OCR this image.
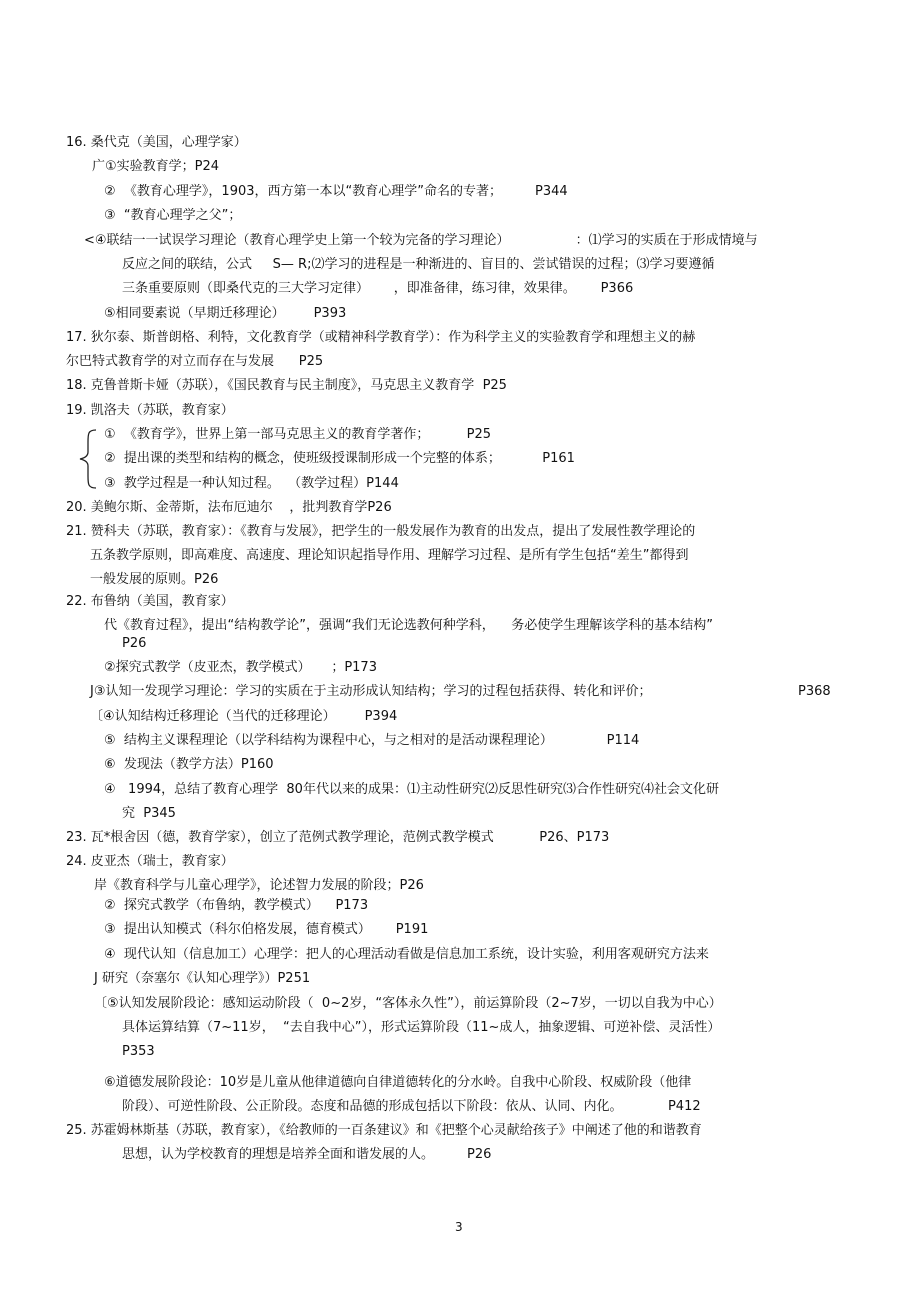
16. 桑代克（美国，心理学家）
广①实验教育学；P24
②  《教育心理学》，1903，西方第一本以“教育心理学”命名的专著；        P344
③  “教育心理学之父”；
<④联结一一试误学习理论（教育心理学史上第一个较为完备的学习理论）                ：⑴学习的实质在于形成情境与
反应之间的联结，公式     S— R;⑵学习的进程是一种渐进的、盲目的、尝试错误的过程；⑶学习要遵循
三条重要原则（即桑代克的三大学习定律）      ，即准备律，练习律，效果律。      P366
⑤相同要素说（早期迁移理论）       P393
17. 狄尔泰、斯普朗格、利特，文化教育学（或精神科学教育学）：作为科学主义的实验教育学和理想主义的赫
尔巴特式教育学的对立而存在与发展      P25
18. 克鲁普斯卡娅（苏联），《国民教育与民主制度》，马克思主义教育学  P25
19. 凯洛夫（苏联，教育家）
①  《教育学》，世界上第一部马克思主义的教育学著作；         P25
②  提出课的类型和结构的概念，使班级授课制形成一个完整的体系；          P161
③  教学过程是一种认知过程。  （教学过程）P144
20. 美鲍尔斯、金蒂斯，法布厄迪尔    ，批判教育学P26
21. 赞科夫（苏联，教育家）：《教育与发展》，把学生的一般发展作为教育的出发点，提出了发展性教学理论的
五条教学原则，即高难度、高速度、理论知识起指导作用、理解学习过程、是所有学生包括“差生”都得到
一般发展的原则。P26
22. 布鲁纳（美国，教育家）
代《教育过程》，提出“结构教学论”，强调“我们无论选教何种学科，    务必使学生理解该学科的基本结构”
P26
②探究式教学（皮亚杰，教学模式）     ；P173
J③认知一发现学习理论：学习的实质在于主动形成认知结构；学习的过程包括获得、转化和评价；	P368
〔④认知结构迁移理论（当代的迁移理论）       P394
⑤  结构主义课程理论（以学科结构为课程中心，与之相对的是活动课程理论）             P114
⑥  发现法（教学方法）P160
④   1994，总结了教育心理学  80年代以来的成果：⑴主动性研究⑵反思性研究⑶合作性研究⑷社会文化研
究  P345
23. 瓦*根舍因（德，教育学家），创立了范例式教学理论，范例式教学模式           P26、P173
24. 皮亚杰（瑞士，教育家）
岸《教育科学与儿童心理学》，论述智力发展的阶段；P26
②  探究式教学（布鲁纳，教学模式）    P173
③  提出认知模式（科尔伯格发展，德育模式）      P191
④  现代认知（信息加工）心理学：把人的心理活动看做是信息加工系统，设计实验，利用客观研究方法来
J 研究（奈塞尔《认知心理学》）P251
〔⑤认知发展阶段论：感知运动阶段（  0~2岁，“客体永久性”），前运算阶段（2~7岁，一切以自我为中心）
具体运算结算（7~11岁，  “去自我中心”），形式运算阶段（11~成人，抽象逻辑、可逆补偿、灵活性）
P353
⑥道德发展阶段论：10岁是儿童从他律道德向自律道德转化的分水岭。自我中心阶段、权威阶段（他律
阶段）、可逆性阶段、公正阶段。态度和品德的形成包括以下阶段：依从、认同、内化。           P412
25. 苏霍姆林斯基（苏联，教育家），《给教师的一百条建议》和《把整个心灵献给孩子》中阐述了他的和谐教育
思想，认为学校教育的理想是培养全面和谐发展的人。        P26
3
